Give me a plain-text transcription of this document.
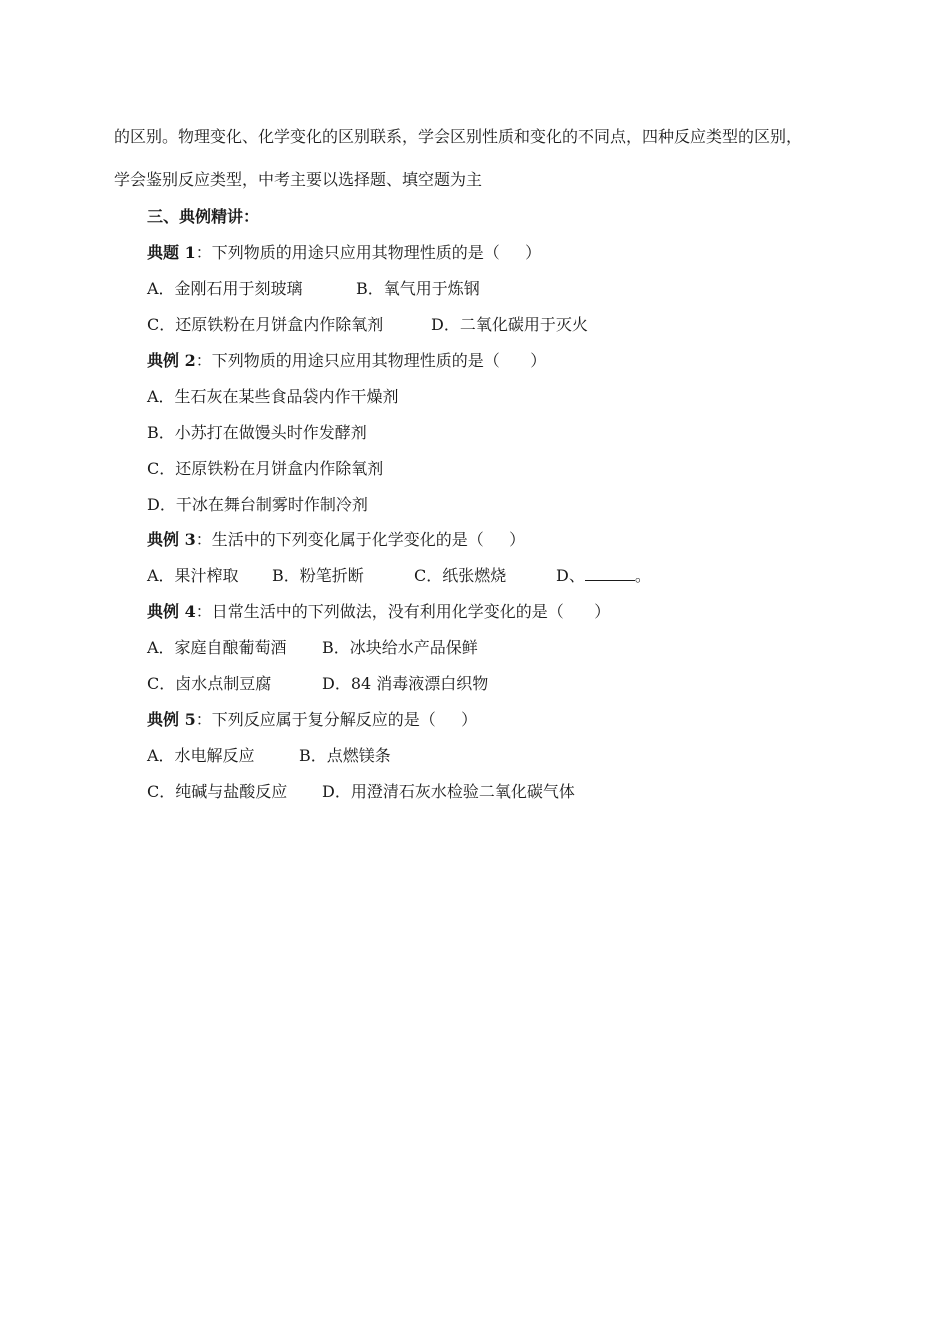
的区别。物理变化、化学变化的区别联系，学会区别性质和变化的不同点，四种反应类型的区别，
学会鉴别反应类型，中考主要以选择题、填空题为主
三、典例精讲：
典题 1：下列物质的用途只应用其物理性质的是（     ）
A．金刚石用于刻玻璃	B．氧气用于炼钢
C．还原铁粉在月饼盒内作除氧剂	D．二氧化碳用于灭火
典例 2：下列物质的用途只应用其物理性质的是（      ）
A．生石灰在某些食品袋内作干燥剂
B．小苏打在做馒头时作发酵剂
C．还原铁粉在月饼盒内作除氧剂
D．干冰在舞台制雾时作制冷剂
典例 3：生活中的下列变化属于化学变化的是（     ）
A．果汁榨取 B．粉笔折断	C．纸张燃烧	D、	。
典例 4：日常生活中的下列做法，没有利用化学变化的是（      ）
A．家庭自酿葡萄酒 B．冰块给水产品保鲜
C．卤水点制豆腐	D．84 消毒液漂白织物
典例 5：下列反应属于复分解反应的是（     ）
A．水电解反应	B．点燃镁条
C．纯碱与盐酸反应 D．用澄清石灰水检验二氧化碳气体
